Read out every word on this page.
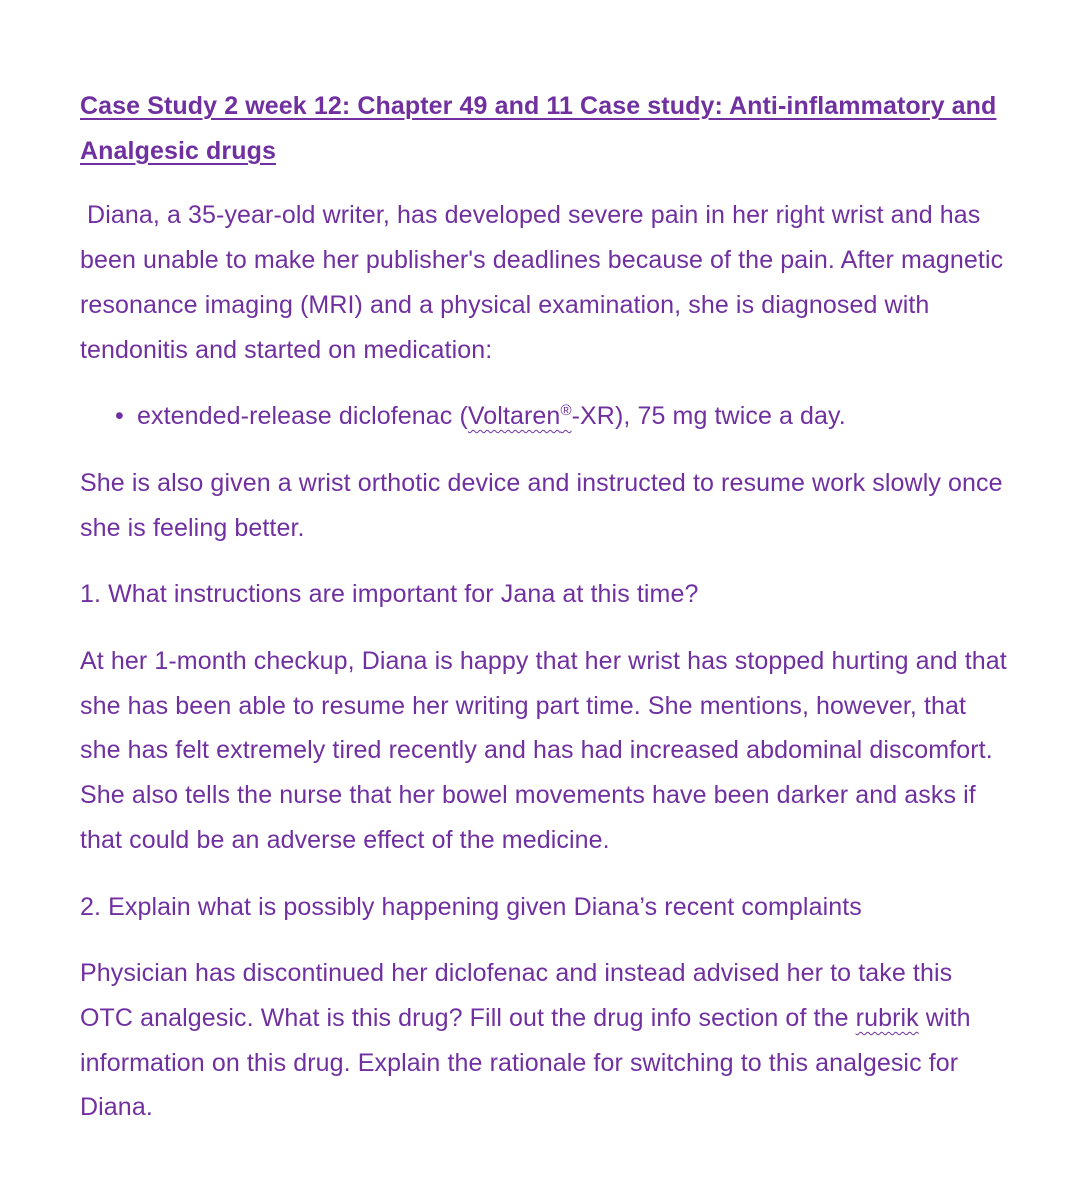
Case Study 2 week 12: Chapter 49 and 11 Case study: Anti-inflammatory and Analgesic drugs

Diana, a 35-year-old writer, has developed severe pain in her right wrist and has been unable to make her publisher's deadlines because of the pain. After magnetic resonance imaging (MRI) and a physical examination, she is diagnosed with tendonitis and started on medication:

• extended-release diclofenac (Voltaren®-XR), 75 mg twice a day.

She is also given a wrist orthotic device and instructed to resume work slowly once she is feeling better.

1. What instructions are important for Jana at this time?

At her 1-month checkup, Diana is happy that her wrist has stopped hurting and that she has been able to resume her writing part time. She mentions, however, that she has felt extremely tired recently and has had increased abdominal discomfort. She also tells the nurse that her bowel movements have been darker and asks if that could be an adverse effect of the medicine.

2. Explain what is possibly happening given Diana’s recent complaints

Physician has discontinued her diclofenac and instead advised her to take this OTC analgesic. What is this drug? Fill out the drug info section of the rubrik with information on this drug. Explain the rationale for switching to this analgesic for Diana.
